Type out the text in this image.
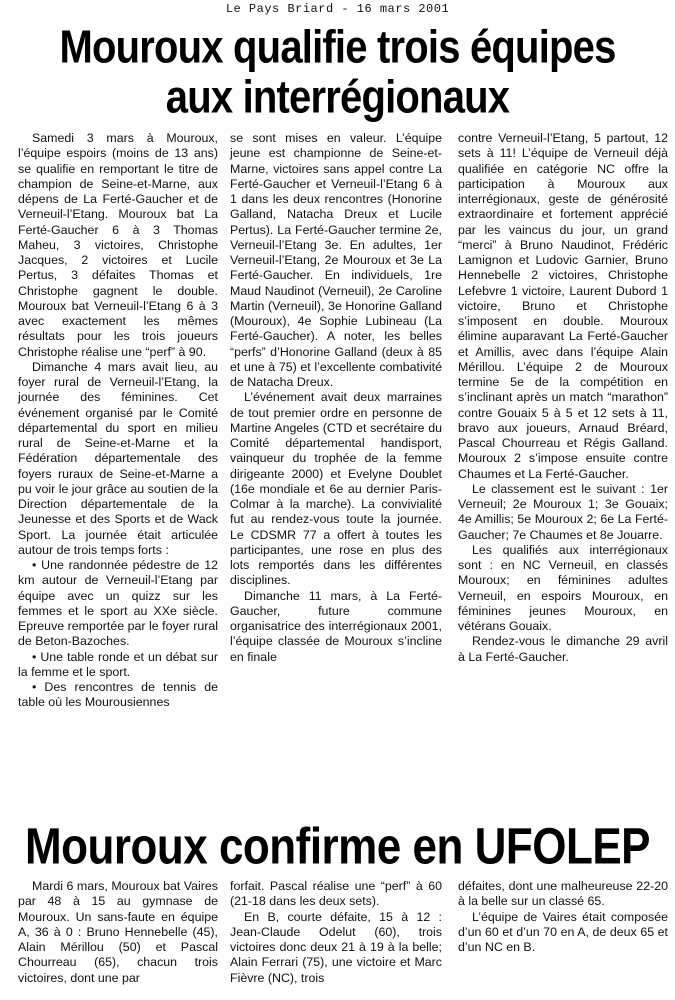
Le Pays Briard - 16 mars 2001
Mouroux qualifie trois équipes
aux interrégionaux

Samedi 3 mars à Mouroux, l’équipe espoirs (moins de 13 ans) se qualifie en remportant le titre de champion de Seine-et-Marne, aux dépens de La Ferté-Gaucher et de Verneuil-l’Etang. Mouroux bat La Ferté-Gaucher 6 à 3 Thomas Maheu, 3 victoires, Christophe Jacques, 2 victoires et Lucile Pertus, 3 défaites Thomas et Christophe gagnent le double. Mouroux bat Verneuil-l’Etang 6 à 3 avec exactement les mêmes résultats pour les trois joueurs Christophe réalise une “perf” à 90.

Dimanche 4 mars avait lieu, au foyer rural de Verneuil-l’Etang, la journée des féminines. Cet événement organisé par le Comité départemental du sport en milieu rural de Seine-et-Marne et la Fédération départementale des foyers ruraux de Seine-et-Marne a pu voir le jour grâce au soutien de la Direction départementale de la Jeunesse et des Sports et de Wack Sport. La journée était articulée autour de trois temps forts :

• Une randonnée pédestre de 12 km autour de Verneuil-l’Etang par équipe avec un quizz sur les femmes et le sport au XXe siècle. Epreuve remportée par le foyer rural de Beton-Bazoches.

• Une table ronde et un débat sur la femme et le sport.

• Des rencontres de tennis de table où les Mourousiennes

se sont mises en valeur. L’équipe jeune est championne de Seine-et-Marne, victoires sans appel contre La Ferté-Gaucher et Verneuil-l’Etang 6 à 1 dans les deux rencontres (Honorine Galland, Natacha Dreux et Lucile Pertus). La Ferté-Gaucher termine 2e, Verneuil-l’Etang 3e. En adultes, 1er Verneuil-l’Etang, 2e Mouroux et 3e La Ferté-Gaucher. En individuels, 1re Maud Naudinot (Verneuil), 2e Caroline Martin (Verneuil), 3e Honorine Galland (Mouroux), 4e Sophie Lubineau (La Ferté-Gaucher). A noter, les belles “perfs” d’Honorine Galland (deux à 85 et une à 75) et l’excellente combativité de Natacha Dreux.

L’événement avait deux marraines de tout premier ordre en personne de Martine Angeles (CTD et secrétaire du Comité départemental handisport, vainqueur du trophée de la femme dirigeante 2000) et Evelyne Doublet (16e mondiale et 6e au dernier Paris-Colmar à la marche). La convivialité fut au rendez-vous toute la journée. Le CDSMR 77 a offert à toutes les participantes, une rose en plus des lots remportés dans les différentes disciplines.

Dimanche 11 mars, à La Ferté-Gaucher, future commune organisatrice des interrégionaux 2001, l’équipe classée de Mouroux s’incline en finale

contre Verneuil-l’Etang, 5 partout, 12 sets à 11! L’équipe de Verneuil déjà qualifiée en catégorie NC offre la participation à Mouroux aux interrégionaux, geste de générosité extraordinaire et fortement apprécié par les vaincus du jour, un grand “merci” à Bruno Naudinot, Frédéric Lamignon et Ludovic Garnier, Bruno Hennebelle 2 victoires, Christophe Lefebvre 1 victoire, Laurent Dubord 1 victoire, Bruno et Christophe s’imposent en double. Mouroux élimine auparavant La Ferté-Gaucher et Amillis, avec dans l’équipe Alain Mérillou. L’équipe 2 de Mouroux termine 5e de la compétition en s’inclinant après un match “marathon” contre Gouaix 5 à 5 et 12 sets à 11, bravo aux joueurs, Arnaud Bréard, Pascal Chourreau et Régis Galland. Mouroux 2 s’impose ensuite contre Chaumes et La Ferté-Gaucher.

Le classement est le suivant : 1er Verneuil; 2e Mouroux 1; 3e Gouaix; 4e Amillis; 5e Mouroux 2; 6e La Ferté-Gaucher; 7e Chaumes et 8e Jouarre.

Les qualifiés aux interrégionaux sont : en NC Verneuil, en classés Mouroux; en féminines adultes Verneuil, en espoirs Mouroux, en féminines jeunes Mouroux, en vétérans Gouaix.

Rendez-vous le dimanche 29 avril à La Ferté-Gaucher.

Mouroux confirme en UFOLEP

Mardi 6 mars, Mouroux bat Vaires par 48 à 15 au gymnase de Mouroux. Un sans-faute en équipe A, 36 à 0 : Bruno Hennebelle (45), Alain Mérillou (50) et Pascal Chourreau (65), chacun trois victoires, dont une par

forfait. Pascal réalise une “perf” à 60 (21-18 dans les deux sets).

En B, courte défaite, 15 à 12 : Jean-Claude Odelut (60), trois victoires donc deux 21 à 19 à la belle; Alain Ferrari (75), une victoire et Marc Fièvre (NC), trois

défaites, dont une malheureuse 22-20 à la belle sur un classé 65.

L’équipe de Vaires était composée d’un 60 et d’un 70 en A, de deux 65 et d’un NC en B.
